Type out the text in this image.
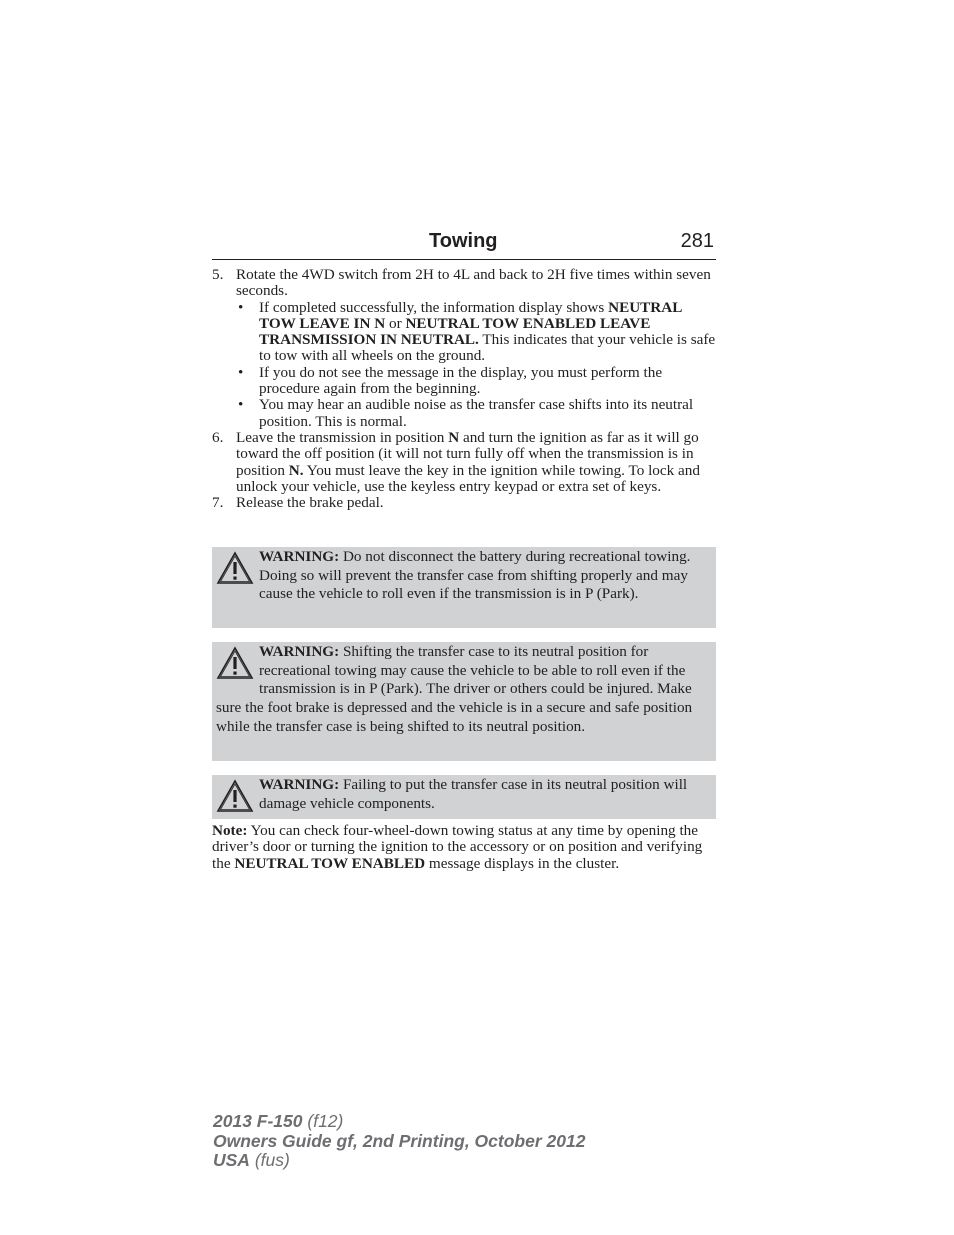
Towing	281
5. Rotate the 4WD switch from 2H to 4L and back to 2H five times within seven seconds.
• If completed successfully, the information display shows NEUTRAL TOW LEAVE IN N or NEUTRAL TOW ENABLED LEAVE TRANSMISSION IN NEUTRAL. This indicates that your vehicle is safe to tow with all wheels on the ground.
• If you do not see the message in the display, you must perform the procedure again from the beginning.
• You may hear an audible noise as the transfer case shifts into its neutral position. This is normal.
6. Leave the transmission in position N and turn the ignition as far as it will go toward the off position (it will not turn fully off when the transmission is in position N. You must leave the key in the ignition while towing. To lock and unlock your vehicle, use the keyless entry keypad or extra set of keys.
7. Release the brake pedal.
WARNING: Do not disconnect the battery during recreational towing. Doing so will prevent the transfer case from shifting properly and may cause the vehicle to roll even if the transmission is in P (Park).
WARNING: Shifting the transfer case to its neutral position for recreational towing may cause the vehicle to be able to roll even if the transmission is in P (Park). The driver or others could be injured. Make sure the foot brake is depressed and the vehicle is in a secure and safe position while the transfer case is being shifted to its neutral position.
WARNING: Failing to put the transfer case in its neutral position will damage vehicle components.
Note: You can check four-wheel-down towing status at any time by opening the driver’s door or turning the ignition to the accessory or on position and verifying the NEUTRAL TOW ENABLED message displays in the cluster.
2013 F-150 (f12)
Owners Guide gf, 2nd Printing, October 2012
USA (fus)
